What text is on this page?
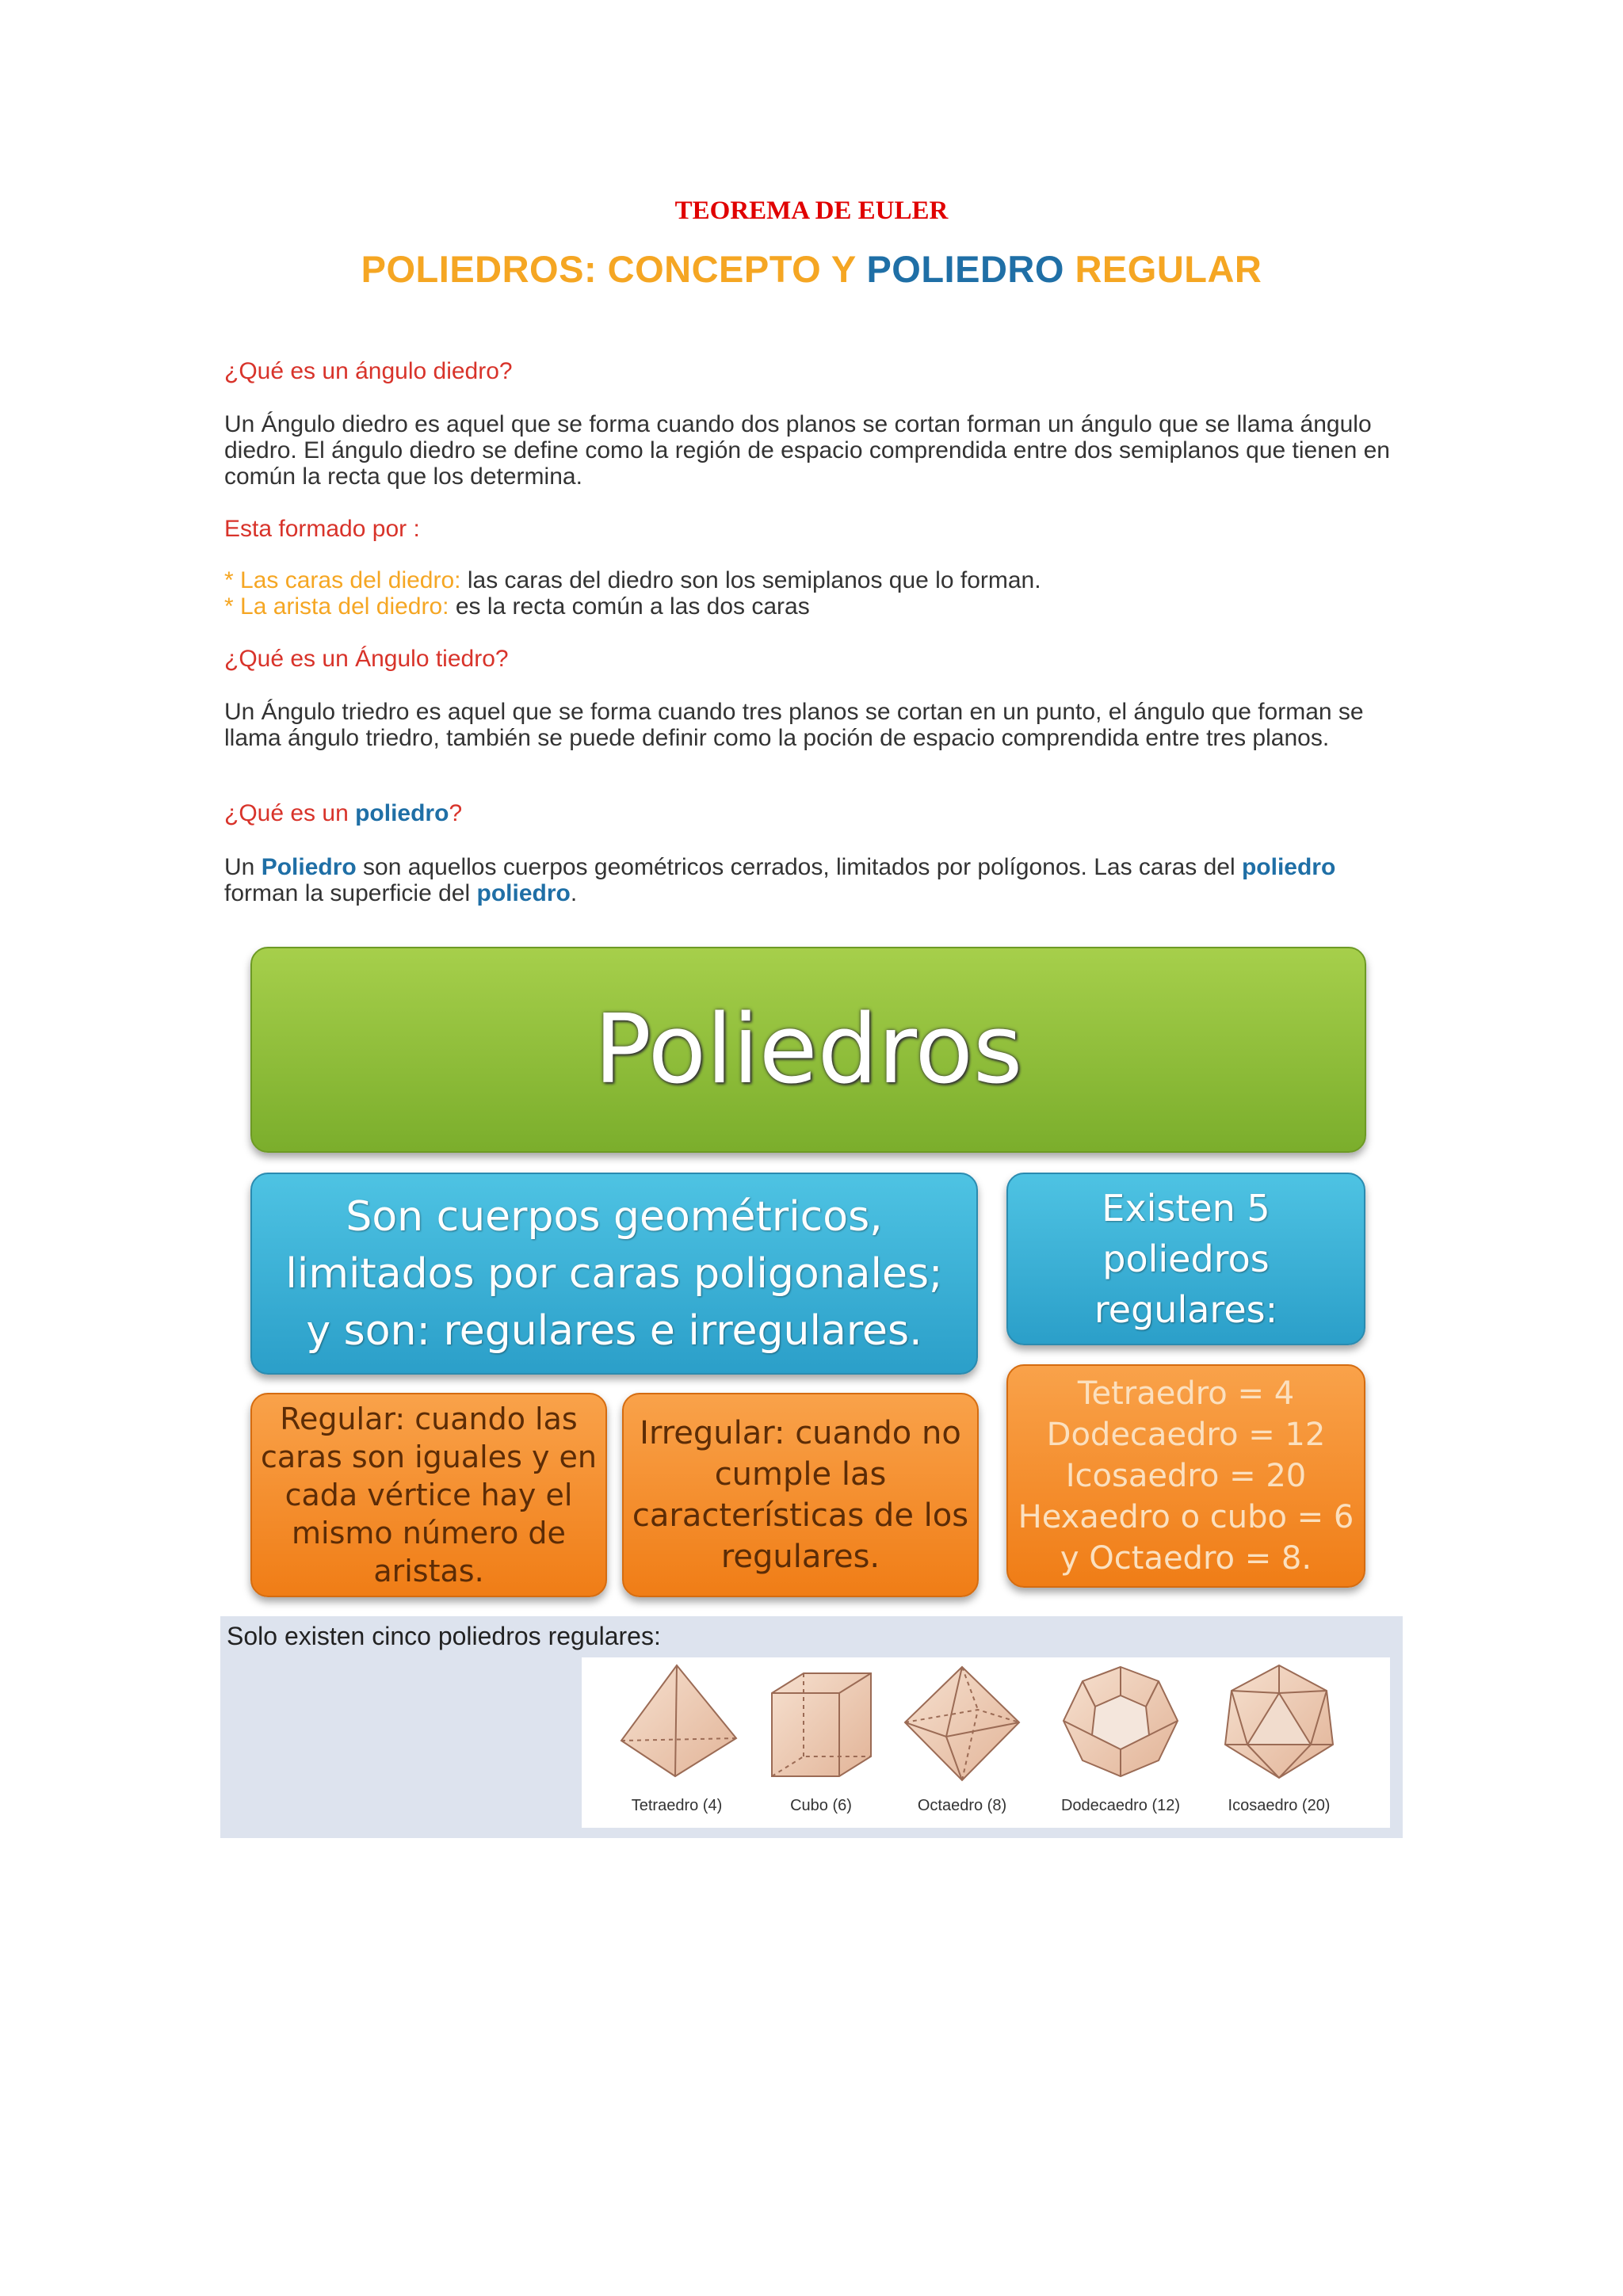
TEOREMA DE EULER
POLIEDROS: CONCEPTO Y POLIEDRO REGULAR
¿Qué es un ángulo diedro?
Un Ángulo diedro es aquel que se forma cuando dos planos se cortan forman un ángulo que se llama ángulo diedro. El ángulo diedro se define como la región de espacio comprendida entre dos semiplanos que tienen en común la recta que los determina.
Esta formado por :
* Las caras del diedro: las caras del diedro son los semiplanos que lo forman.
* La arista del diedro: es la recta común a las dos caras
¿Qué es un Ángulo tiedro?
Un Ángulo triedro es aquel que se forma cuando tres planos se cortan en un punto, el ángulo que forman se llama ángulo triedro, también se puede definir como la poción de espacio comprendida entre tres planos.
¿Qué es un poliedro?
Un Poliedro son aquellos cuerpos geométricos cerrados, limitados por polígonos. Las caras del poliedro forman la superficie del poliedro.
Poliedros
Son cuerpos geométricos,
limitados por caras poligonales;
y son: regulares e irregulares.
Existen 5
poliedros
regulares:
Regular: cuando las
caras son iguales y en
cada vértice hay el
mismo número de
aristas.
Irregular: cuando no
cumple las
características de los
regulares.
Tetraedro = 4
Dodecaedro = 12
Icosaedro = 20
Hexaedro o cubo = 6
y Octaedro = 8.
Solo existen cinco poliedros regulares:
Tetraedro (4)	Cubo (6)	Octaedro (8)	Dodecaedro (12)	Icosaedro (20)
